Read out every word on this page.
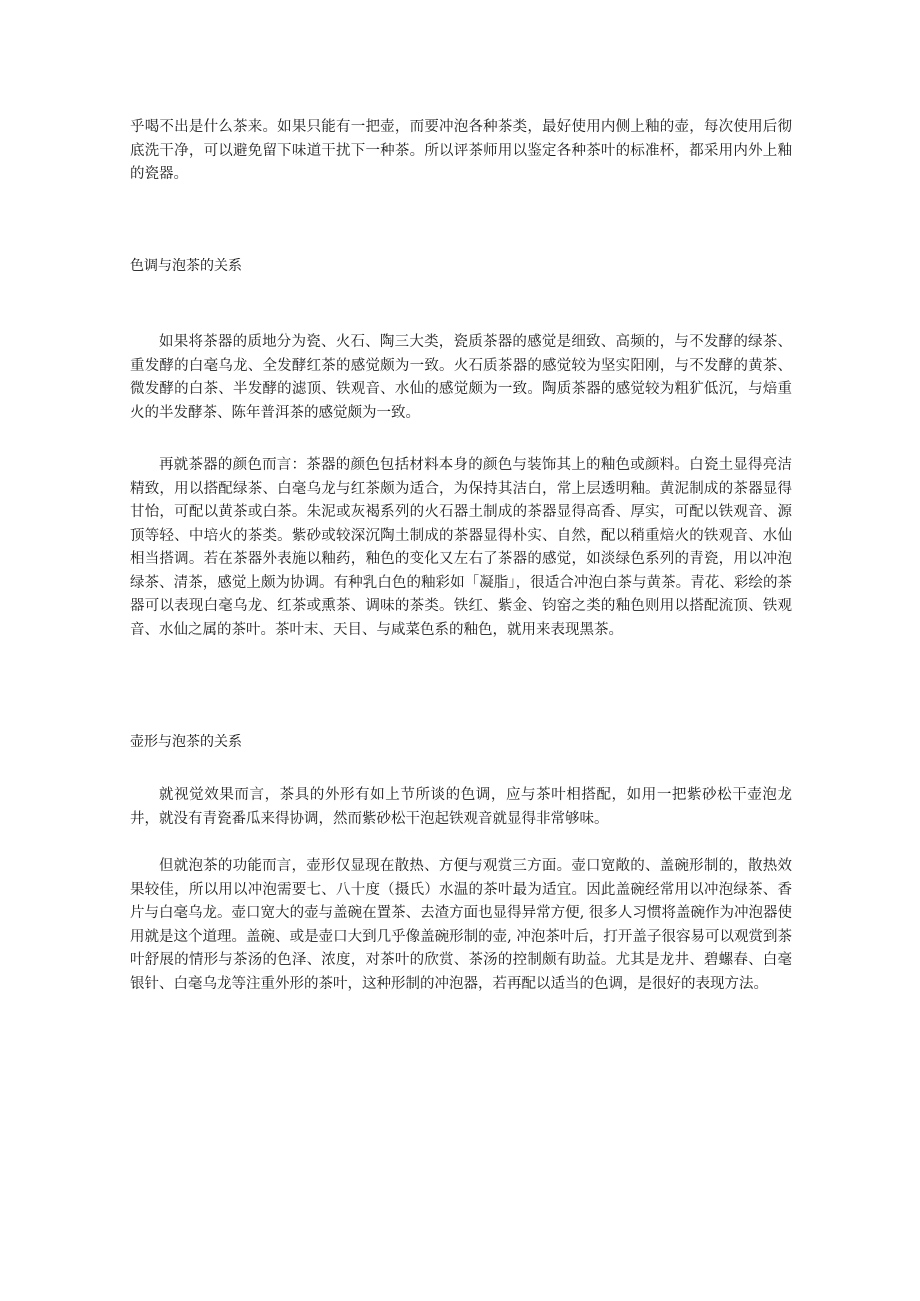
乎喝不出是什么茶来。如果只能有一把壶，而要冲泡各种茶类，最好使用内侧上釉的壶，每次使用后彻底洗干净，可以避免留下味道干扰下一种茶。所以评茶师用以鉴定各种茶叶的标准杯，都采用内外上釉的瓷器。

色调与泡茶的关系

如果将茶器的质地分为瓷、火石、陶三大类，瓷质茶器的感觉是细致、高频的，与不发酵的绿茶、重发酵的白毫乌龙、全发酵红茶的感觉颇为一致。火石质茶器的感觉较为坚实阳刚，与不发酵的黄茶、微发酵的白茶、半发酵的滤顶、铁观音、水仙的感觉颇为一致。陶质茶器的感觉较为粗犷低沉，与焙重火的半发酵茶、陈年普洱茶的感觉颇为一致。

再就茶器的颜色而言：茶器的颜色包括材料本身的颜色与装饰其上的釉色或颜料。白瓷土显得亮洁精致，用以搭配绿茶、白毫乌龙与红茶颇为适合，为保持其洁白，常上层透明釉。黄泥制成的茶器显得甘怡，可配以黄茶或白茶。朱泥或灰褐系列的火石器土制成的茶器显得高香、厚实，可配以铁观音、源顶等轻、中培火的茶类。紫砂或较深沉陶土制成的茶器显得朴实、自然，配以稍重焙火的铁观音、水仙相当搭调。若在茶器外表施以釉药，釉色的变化又左右了茶器的感觉，如淡绿色系列的青瓷，用以冲泡绿茶、清茶，感觉上颇为协调。有种乳白色的釉彩如「凝脂」，很适合冲泡白茶与黄茶。青花、彩绘的茶器可以表现白毫乌龙、红茶或熏茶、调味的茶类。铁红、紫金、钧窑之类的釉色则用以搭配流顶、铁观音、水仙之属的茶叶。茶叶末、天目、与咸菜色系的釉色，就用来表现黑茶。

壶形与泡茶的关系

就视觉效果而言，茶具的外形有如上节所谈的色调，应与茶叶相搭配，如用一把紫砂松干壶泡龙井，就没有青瓷番瓜来得协调，然而紫砂松干泡起铁观音就显得非常够味。

但就泡茶的功能而言，壶形仅显现在散热、方便与观赏三方面。壶口宽敞的、盖碗形制的，散热效果较佳，所以用以冲泡需要七、八十度（摄氏）水温的茶叶最为适宜。因此盖碗经常用以冲泡绿茶、香片与白毫乌龙。壶口宽大的壶与盖碗在置茶、去渣方面也显得异常方便, 很多人习惯将盖碗作为冲泡器使用就是这个道理。盖碗、或是壶口大到几乎像盖碗形制的壶, 冲泡茶叶后，打开盖子很容易可以观赏到茶叶舒展的情形与茶汤的色泽、浓度，对茶叶的欣赏、茶汤的控制颇有助益。尤其是龙井、碧螺春、白毫银针、白毫乌龙等注重外形的茶叶，这种形制的冲泡器，若再配以适当的色调，是很好的表现方法。
